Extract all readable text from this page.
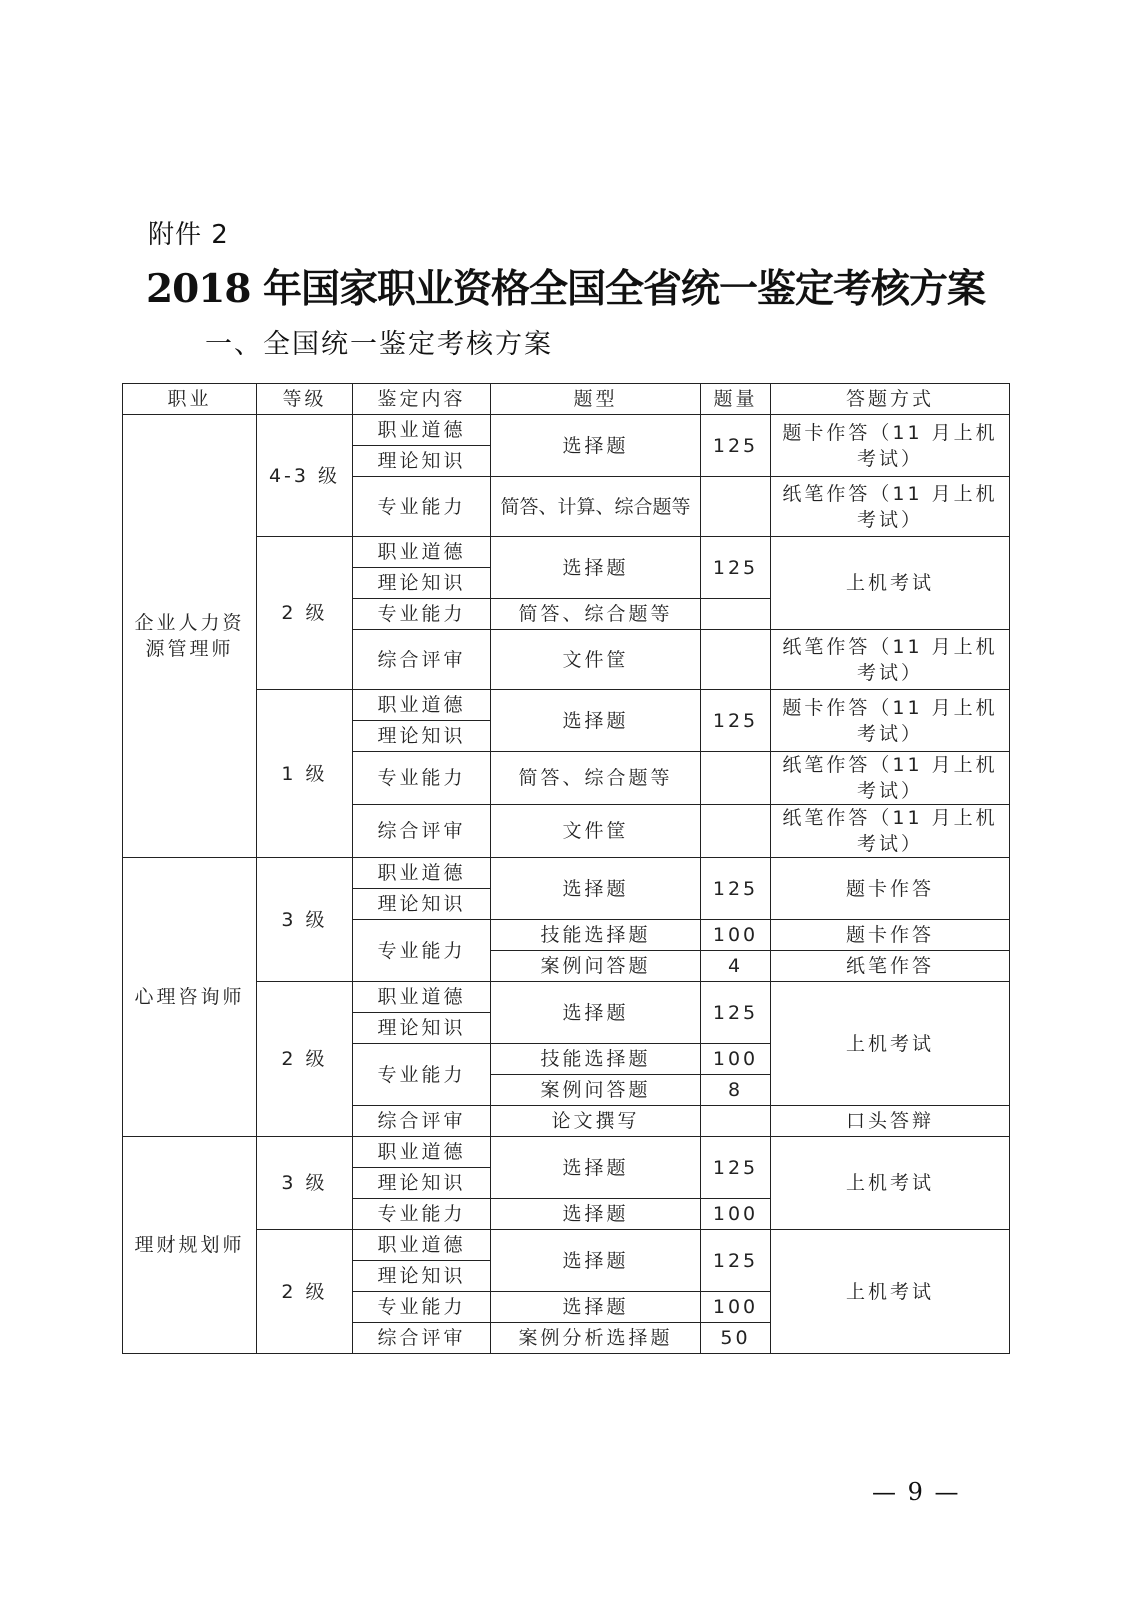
附件 2
2018 年国家职业资格全国全省统一鉴定考核方案
一、全国统一鉴定考核方案
职业	等级	鉴定内容	题型	题量	答题方式
企业人力资源管理师	4-3 级	职业道德	选择题	125	题卡作答（11 月上机考试）
		理论知识			
		专业能力	简答、计算、综合题等		纸笔作答（11 月上机考试）
	2 级	职业道德	选择题	125	上机考试
		理论知识			
		专业能力	简答、综合题等		
		综合评审	文件筐		纸笔作答（11 月上机考试）
	1 级	职业道德	选择题	125	题卡作答（11 月上机考试）
		理论知识			
		专业能力	简答、综合题等		纸笔作答（11 月上机考试）

		综合评审	文件筐		纸笔作答（11 月上机考试）

心理咨询师	3 级	职业道德	选择题	125	题卡作答
		理论知识			
		专业能力	技能选择题	100	题卡作答
			案例问答题	4	纸笔作答
	2 级	职业道德	选择题	125	上机考试
		理论知识			
		专业能力	技能选择题	100	
			案例问答题	8	
		综合评审	论文撰写		口头答辩
理财规划师	3 级	职业道德	选择题	125	上机考试
		理论知识			
		专业能力	选择题	100	
	2 级	职业道德	选择题	125	上机考试
		理论知识			
		专业能力	选择题	100	
		综合评审	案例分析选择题	50	
— 9 —
